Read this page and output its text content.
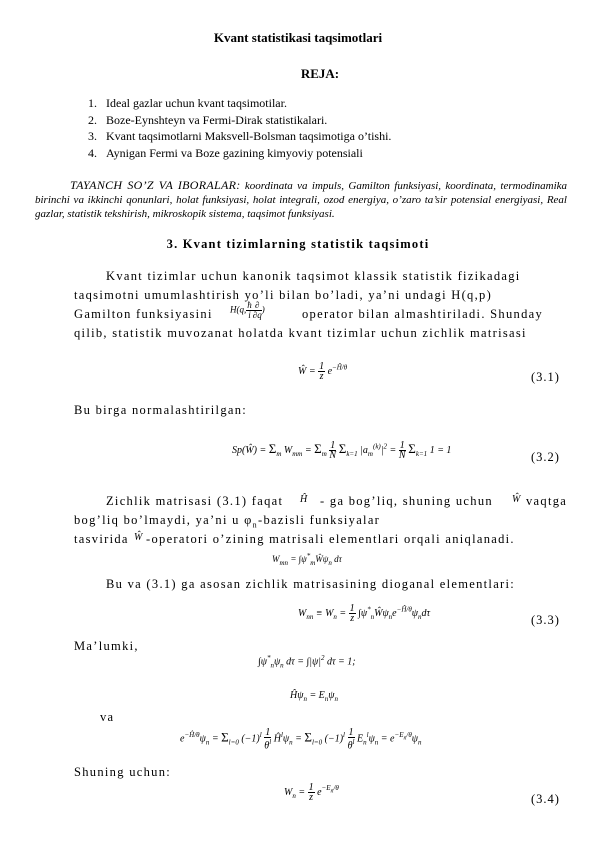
Kvant statistikasi taqsimotlari
REJA:
1. Ideal gazlar uchun kvant taqsimotilar.
2. Boze-Eynshteyn va Fermi-Dirak statistikalari.
3. Kvant taqsimotlarni Maksvell-Bolsman taqsimotiga o’tishi.
4. Aynigan Fermi va Boze gazining kimyoviy potensiali
TAYANCH SO’Z VA IBORALAR: koordinata va impuls, Gamilton funksiyasi, koordinata, termodinamika birinchi va ikkinchi qonunlari, holat funksiyasi, holat integrali, ozod energiya, o’zaro ta’sir potensial energiyasi, Real gazlar, statistik tekshirish, mikroskopik sistema, taqsimot funksiyasi.
3. Kvant tizimlarning statistik taqsimoti
Kvant tizimlar uchun kanonik taqsimot klassik statistik fizikadagi
taqsimotni umumlashtirish yo’li bilan bo’ladi, ya’ni undagi H(q,p)
Gamilton funksiyasini H(q, $\frac{ħ}{i} \frac{\partial}{\partial q}$ )	operator bilan almashtiriladi. Shunday
qilib, statistik muvozanat holatda kvant tizimlar uchun zichlik matrisasi
Ŵ = $\frac{1}{z} e^{-Ĥ/\theta}$
(3.1)
Bu birga normalashtirilgan:
Sp(Ŵ) = $\Sigma_m$ $W_{mm} = \Sigma_m \frac{1}{N} \Sigma_{k=1}$ $|a_m^{(k)}|^2 = \frac{1}{N} \Sigma_{k=1}$ 1 = 1	(3.2)
Zichlik matrisasi (3.1) faqat Ĥ - ga bog’liq, shuning uchun Ŵ vaqtga
bog’liq bo’lmaydi, ya’ni u $\varphi_n$-bazisli funksiyalar
tasvirida Ŵ -operatori o’zining matrisali elementlari orqali aniqlanadi.
$W_{mn}$ = $\int\psi^*_mŴ\psi_n$ dτ
Bu va (3.1) ga asosan zichlik matrisasining dioganal elementlari:
$W_{nn} \equiv W_n = \frac{1}{z}$ $\int\psi^*_nŴ\psi_ne^{-Ĥ/\theta}\psi_nd\tau$	(3.3)
Ma’lumki,
$\int\psi^*_n\psi_n$ $d\tau = \int|\psi|^2$ dτ = 1;
$Ĥ\psi_n = E_n\psi_n$
va
$e^{-Ĥ/\theta}\psi_n = \Sigma_{l=0}$ $(-1)^l \frac{1}{\theta^l}$ $Ĥ^l\psi_n = \Sigma_{l=0}$ $(-1)^l \frac{1}{\theta^l} E_n^l\psi_n = e^{-E_n/\theta}\psi_n$
Shuning uchun:
$W_n = \frac{1}{z} e^{-E_n/\theta}$
(3.4)
